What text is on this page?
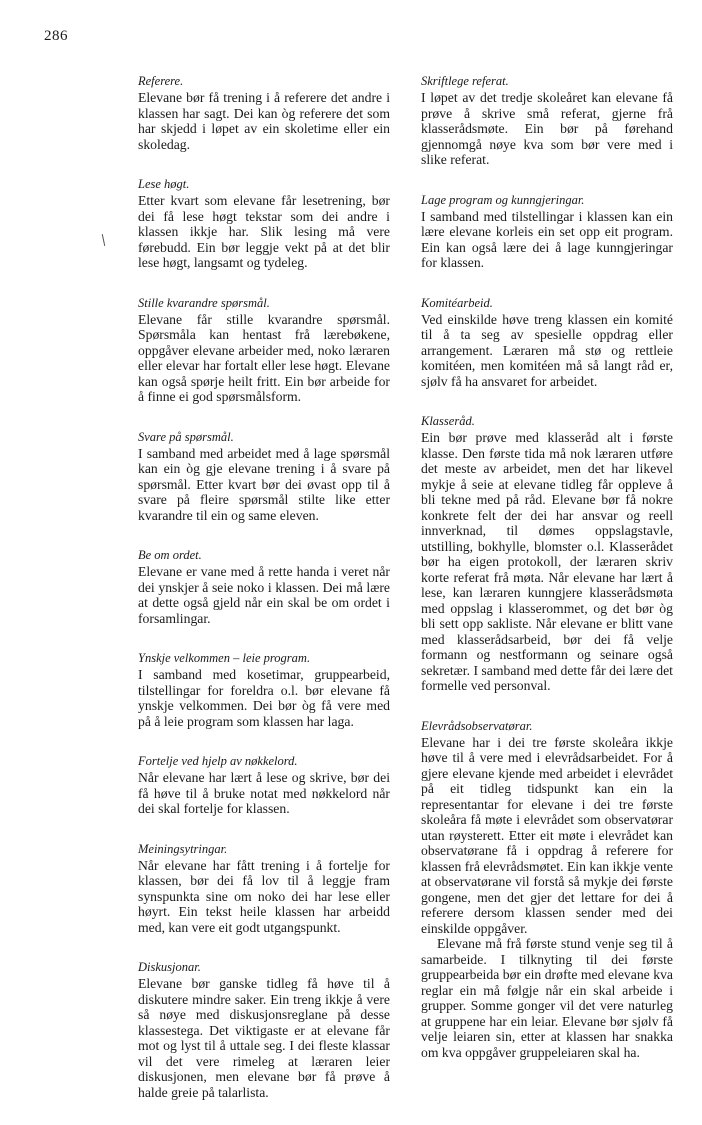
286
Referere.

Elevane bør få trening i å referere det andre i klassen har sagt. Dei kan òg referere det som har skjedd i løpet av ein skoletime eller ein skoledag.

Lese høgt.

Etter kvart som elevane får lesetrening, bør dei få lese høgt tekstar som dei andre i klassen ikkje har. Slik lesing må vere førebudd. Ein bør leggje vekt på at det blir lese høgt, langsamt og tydeleg.

Stille kvarandre spørsmål.

Elevane får stille kvarandre spørsmål. Spørsmåla kan hentast frå lærebøkene, oppgåver elevane arbeider med, noko læraren eller elevar har fortalt eller lese høgt. Elevane kan også spørje heilt fritt. Ein bør arbeide for å finne ei god spørsmålsform.

Svare på spørsmål.

I samband med arbeidet med å lage spørsmål kan ein òg gje elevane trening i å svare på spørsmål. Etter kvart bør dei øvast opp til å svare på fleire spørsmål stilte like etter kvarandre til ein og same eleven.

Be om ordet.

Elevane er vane med å rette handa i veret når dei ynskjer å seie noko i klassen. Dei må lære at dette også gjeld når ein skal be om ordet i forsamlingar.

Ynskje velkommen – leie program.

I samband med kosetimar, gruppearbeid, tilstellingar for foreldra o.l. bør elevane få ynskje velkommen. Dei bør òg få vere med på å leie program som klassen har laga.

Fortelje ved hjelp av nøkkelord.

Når elevane har lært å lese og skrive, bør dei få høve til å bruke notat med nøkkelord når dei skal fortelje for klassen.

Meiningsytringar.

Når elevane har fått trening i å fortelje for klassen, bør dei få lov til å leggje fram synspunkta sine om noko dei har lese eller høyrt. Ein tekst heile klassen har arbeidd med, kan vere eit godt utgangspunkt.

Diskusjonar.

Elevane bør ganske tidleg få høve til å diskutere mindre saker. Ein treng ikkje å vere så nøye med diskusjonsreglane på desse klassestega. Det viktigaste er at elevane får mot og lyst til å uttale seg. I dei fleste klassar vil det vere rimeleg at læraren leier diskusjonen, men elevane bør få prøve å halde greie på talarlista.

Skriftlege referat.

I løpet av det tredje skoleåret kan elevane få prøve å skrive små referat, gjerne frå klasserådsmøte. Ein bør på førehand gjennomgå nøye kva som bør vere med i slike referat.

Lage program og kunngjeringar.

I samband med tilstellingar i klassen kan ein lære elevane korleis ein set opp eit program. Ein kan også lære dei å lage kunngjeringar for klassen.

Komitéarbeid.

Ved einskilde høve treng klassen ein komité til å ta seg av spesielle oppdrag eller arrangement. Læraren må stø og rettleie komitéen, men komitéen må så langt råd er, sjølv få ha ansvaret for arbeidet.

Klasseråd.

Ein bør prøve med klasseråd alt i første klasse. Den første tida må nok læraren utføre det meste av arbeidet, men det har likevel mykje å seie at elevane tidleg får oppleve å bli tekne med på råd. Elevane bør få nokre konkrete felt der dei har ansvar og reell innverknad, til dømes oppslagstavle, utstilling, bokhylle, blomster o.l. Klasserådet bør ha eigen protokoll, der læraren skriv korte referat frå møta. Når elevane har lært å lese, kan læraren kunngjere klasserådsmøta med oppslag i klasserommet, og det bør òg bli sett opp sakliste. Når elevane er blitt vane med klasserådsarbeid, bør dei få velje formann og nestformann og seinare også sekretær. I samband med dette får dei lære det formelle ved personval.

Elevrådsobservatørar.

Elevane har i dei tre første skoleåra ikkje høve til å vere med i elevrådsarbeidet. For å gjere elevane kjende med arbeidet i elevrådet på eit tidleg tidspunkt kan ein la representantar for elevane i dei tre første skoleåra få møte i elevrådet som observatørar utan røysterett. Etter eit møte i elevrådet kan observatørane få i oppdrag å referere for klassen frå elevrådsmøtet. Ein kan ikkje vente at observatørane vil forstå så mykje dei første gongene, men det gjer det lettare for dei å referere dersom klassen sender med dei einskilde oppgåver.

Elevane må frå første stund venje seg til å samarbeide. I tilknyting til dei første gruppearbeida bør ein drøfte med elevane kva reglar ein må følgje når ein skal arbeide i grupper. Somme gonger vil det vere naturleg at gruppene har ein leiar. Elevane bør sjølv få velje leiaren sin, etter at klassen har snakka om kva oppgåver gruppeleiaren skal ha.
